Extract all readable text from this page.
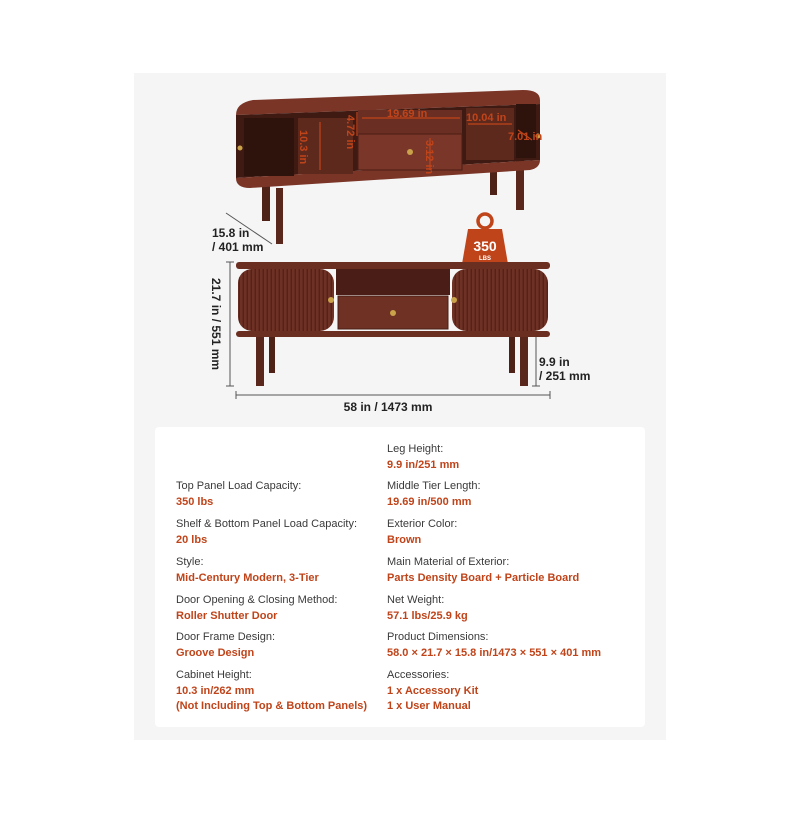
19.69 in	10.04 in
7.01 in
4.72 in
10.3 in	3.12 in
15.8 in
/ 401 mm	350
LBS
21.7 in / 551 mm	9.9 in
/ 251 mm
58 in / 1473 mm
Top Panel Load Capacity:
350 lbs
Shelf & Bottom Panel Load Capacity:
20 lbs
Style:
Mid-Century Modern, 3-Tier
Door Opening & Closing Method:
Roller Shutter Door
Door Frame Design:
Groove Design
Cabinet Height:
10.3 in/262 mm
(Not Including Top & Bottom Panels)
Leg Height:
9.9 in/251 mm
Middle Tier Length:
19.69 in/500 mm
Exterior Color:
Brown
Main Material of Exterior:
Parts Density Board + Particle Board
Net Weight:
57.1 lbs/25.9 kg
Product Dimensions:
58.0 × 21.7 × 15.8 in/1473 × 551 × 401 mm
Accessories:
1 x Accessory Kit
1 x User Manual
